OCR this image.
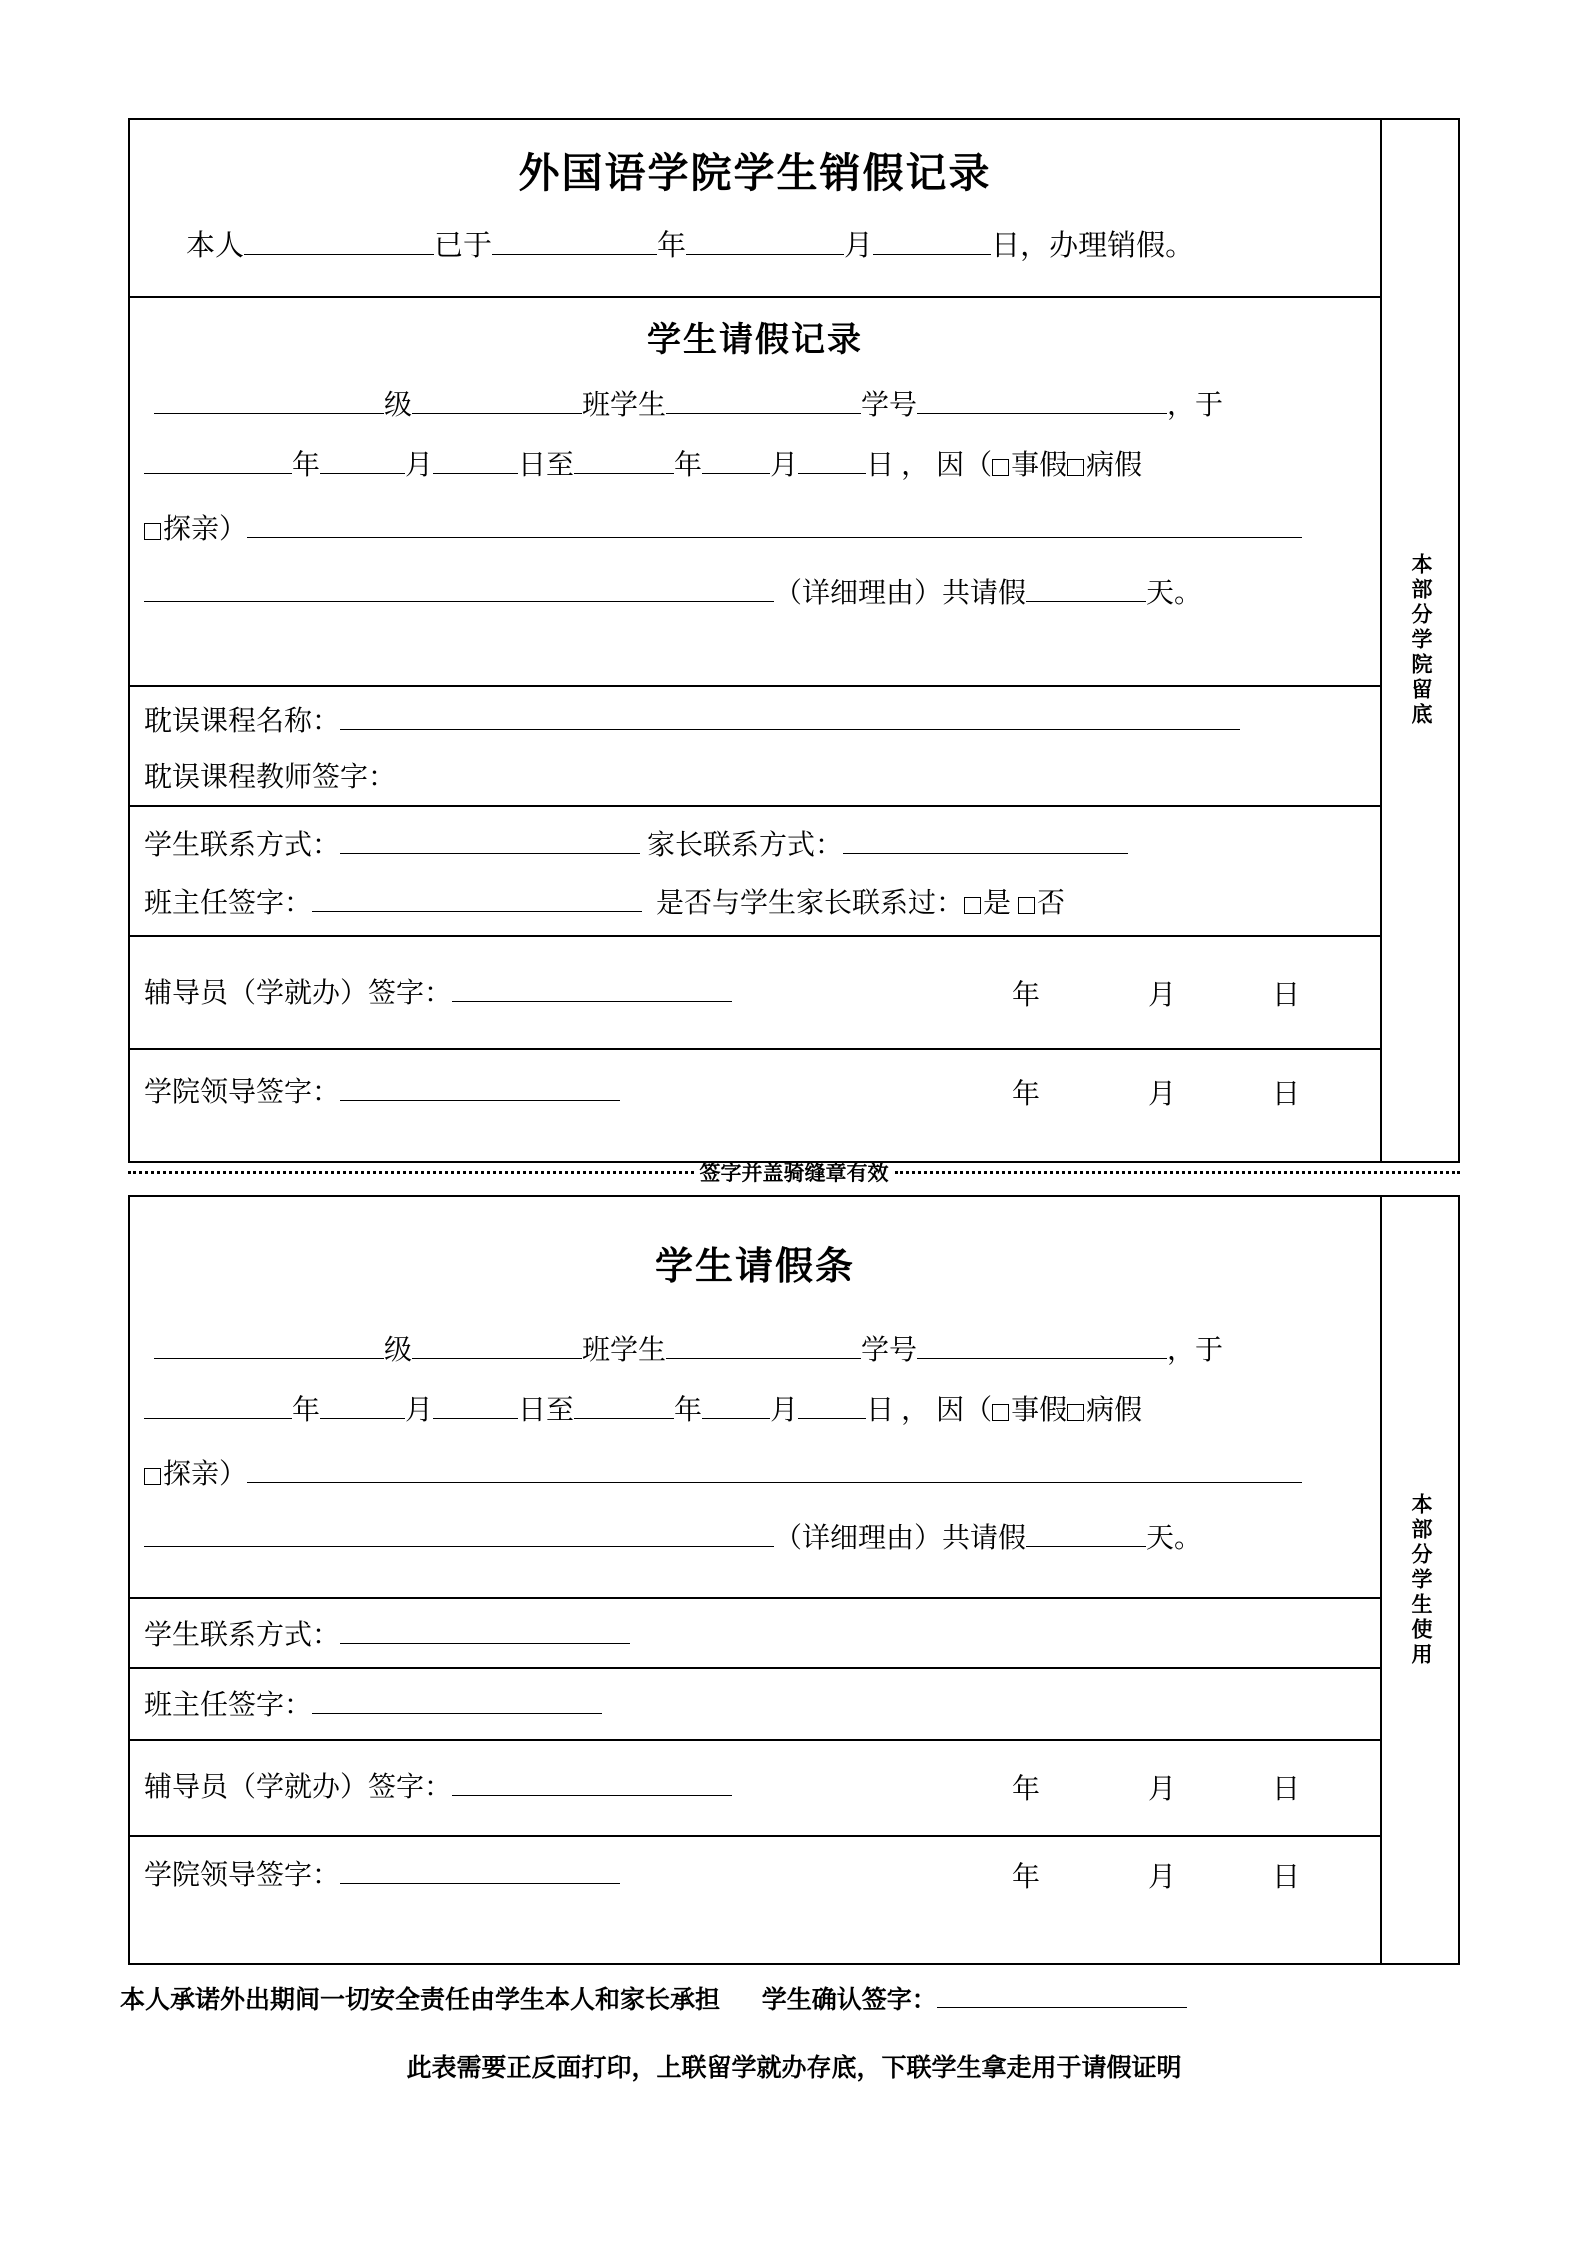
外国语学院学生销假记录
本人	已于	年	月	日，办理销假。
学生请假记录
级	班学生	学号	，于
年	月	日至	年 月 日 ， 因（ 事假 病假
探亲）
（详细理由）共请假	天。
耽误课程名称：
耽误课程教师签字：
学生联系方式：	家长联系方式：
班主任签字：	是否与学生家长联系过： 是 否
辅导员（学就办）签字：	年	月	日
学院领导签字：	年	月	日
本部分学院留底
签字并盖骑缝章有效
学生请假条
级	班学生	学号	，于
年	月	日至	年 月 日 ， 因（ 事假 病假
探亲）
（详细理由）共请假	天。
学生联系方式：
班主任签字：
辅导员（学就办）签字：	年	月	日
学院领导签字：	年	月	日
本部分学生使用
本人承诺外出期间一切安全责任由学生本人和家长承担 学生确认签字：
此表需要正反面打印，上联留学就办存底，下联学生拿走用于请假证明
